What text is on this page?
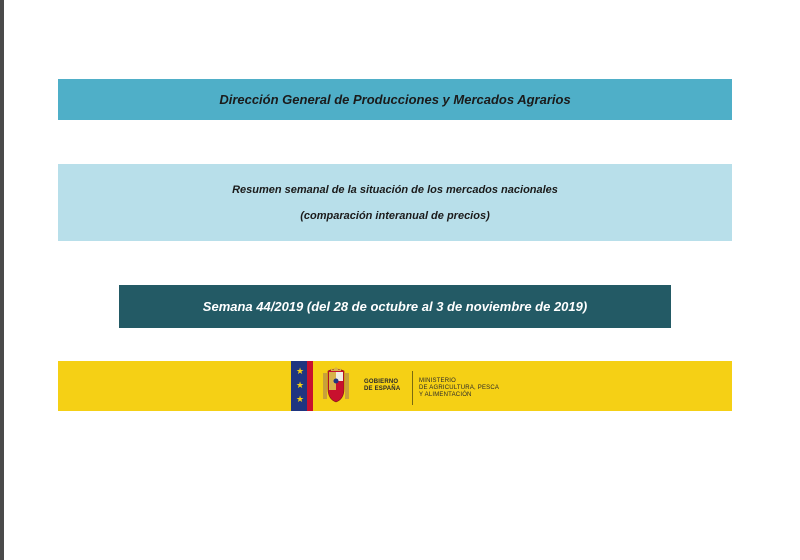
Dirección General de Producciones y Mercados Agrarios
Resumen semanal de la situación de los mercados nacionales
(comparación interanual de precios)
Semana 44/2019 (del 28 de octubre al 3 de noviembre de 2019)
★
★
★
GOBIERNO
DE ESPAÑA
MINISTERIO
DE AGRICULTURA, PESCA
Y ALIMENTACIÓN
